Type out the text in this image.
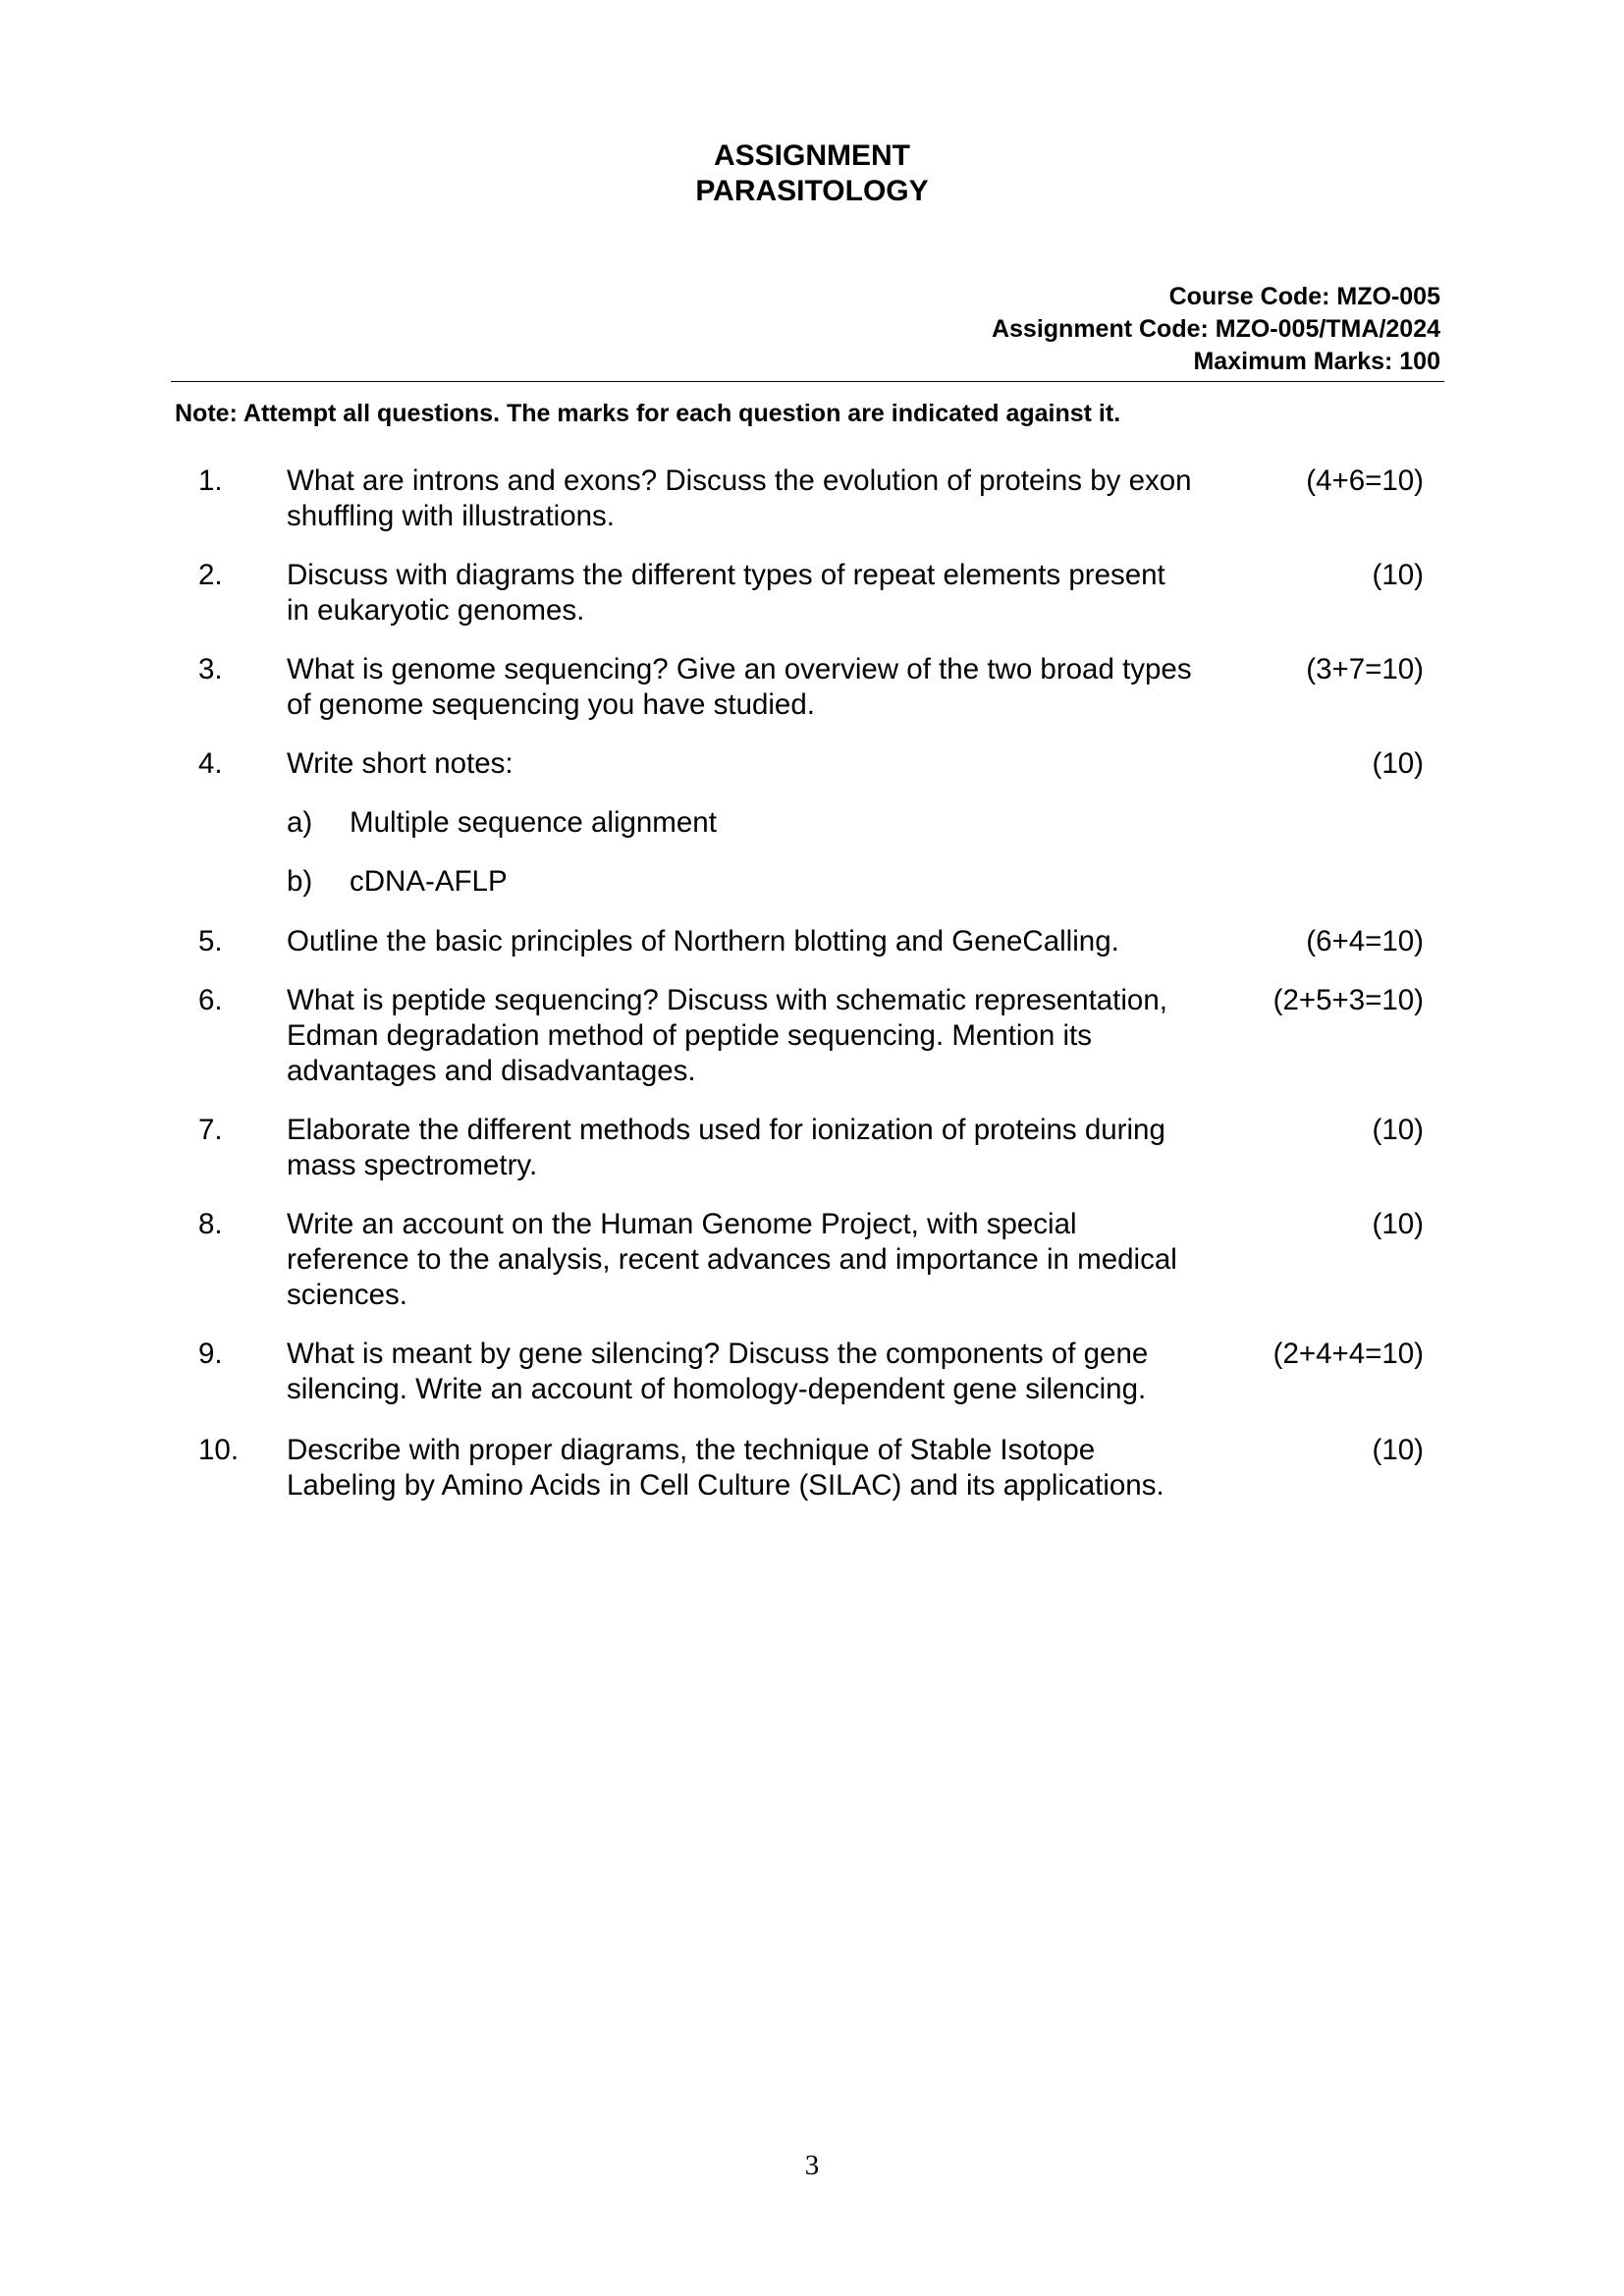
ASSIGNMENT
PARASITOLOGY
Course Code: MZO-005
Assignment Code: MZO-005/TMA/2024
Maximum Marks: 100
Note: Attempt all questions. The marks for each question are indicated against it.
1. What are introns and exons? Discuss the evolution of proteins by exon
shuffling with illustrations.
(4+6=10)
2. Discuss with diagrams the different types of repeat elements present
in eukaryotic genomes.
(10)
3. What is genome sequencing? Give an overview of the two broad types
of genome sequencing you have studied.
(3+7=10)
4. Write short notes:	(10)
a) Multiple sequence alignment
b) cDNA-AFLP
5. Outline the basic principles of Northern blotting and GeneCalling.	(6+4=10)
6. What is peptide sequencing? Discuss with schematic representation,
Edman degradation method of peptide sequencing. Mention its
advantages and disadvantages.
(2+5+3=10)
7. Elaborate the different methods used for ionization of proteins during
mass spectrometry.
(10)
8. Write an account on the Human Genome Project, with special
reference to the analysis, recent advances and importance in medical
sciences.
(10)
9. What is meant by gene silencing? Discuss the components of gene
silencing. Write an account of homology-dependent gene silencing.
(2+4+4=10)
10. Describe with proper diagrams, the technique of Stable Isotope
Labeling by Amino Acids in Cell Culture (SILAC) and its applications.
(10)
3
